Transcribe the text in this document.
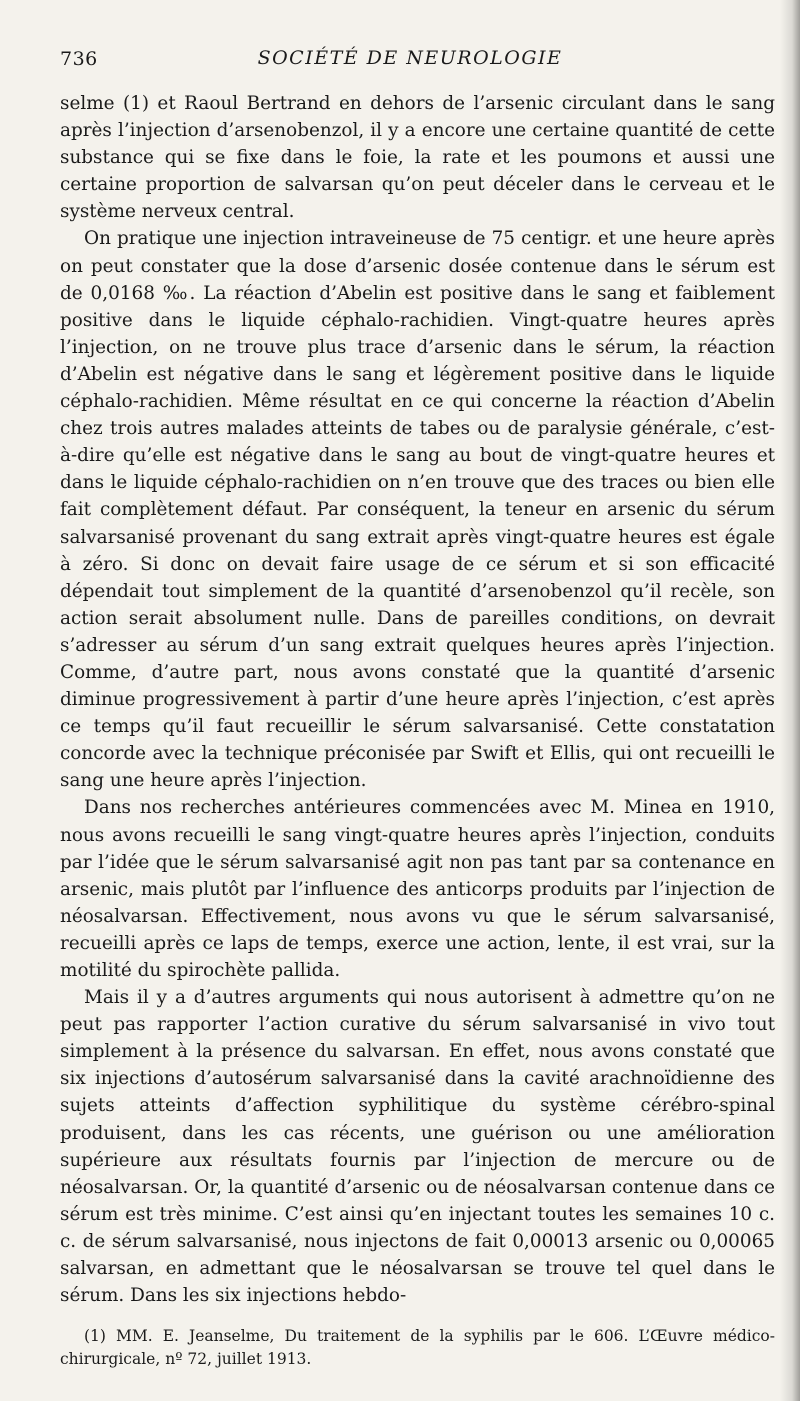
736	SOCIÉTÉ DE NEUROLOGIE

selme (1) et Raoul Bertrand en dehors de l’arsenic circulant dans le sang après l’injection d’arsenobenzol, il y a encore une certaine quantité de cette substance qui se fixe dans le foie, la rate et les poumons et aussi une certaine proportion de salvarsan qu’on peut déceler dans le cerveau et le système nerveux central.

On pratique une injection intraveineuse de 75 centigr. et une heure après on peut constater que la dose d’arsenic dosée contenue dans le sérum est de 0,0168 ‰. La réaction d’Abelin est positive dans le sang et faiblement positive dans le liquide céphalo-rachidien. Vingt-quatre heures après l’injection, on ne trouve plus trace d’arsenic dans le sérum, la réaction d’Abelin est négative dans le sang et légèrement positive dans le liquide céphalo-rachidien. Même résultat en ce qui concerne la réaction d’Abelin chez trois autres malades atteints de tabes ou de paralysie générale, c’est-à-dire qu’elle est négative dans le sang au bout de vingt-quatre heures et dans le liquide céphalo-rachidien on n’en trouve que des traces ou bien elle fait complètement défaut. Par conséquent, la teneur en arsenic du sérum salvarsanisé provenant du sang extrait après vingt-quatre heures est égale à zéro. Si donc on devait faire usage de ce sérum et si son efficacité dépendait tout simplement de la quantité d’arsenobenzol qu’il recèle, son action serait absolument nulle. Dans de pareilles conditions, on devrait s’adresser au sérum d’un sang extrait quelques heures après l’injection. Comme, d’autre part, nous avons constaté que la quantité d’arsenic diminue progressivement à partir d’une heure après l’injection, c’est après ce temps qu’il faut recueillir le sérum salvarsanisé. Cette constatation concorde avec la technique préconisée par Swift et Ellis, qui ont recueilli le sang une heure après l’injection.

Dans nos recherches antérieures commencées avec M. Minea en 1910, nous avons recueilli le sang vingt-quatre heures après l’injection, conduits par l’idée que le sérum salvarsanisé agit non pas tant par sa contenance en arsenic, mais plutôt par l’influence des anticorps produits par l’injection de néosalvarsan. Effectivement, nous avons vu que le sérum salvarsanisé, recueilli après ce laps de temps, exerce une action, lente, il est vrai, sur la motilité du spirochète pallida.

Mais il y a d’autres arguments qui nous autorisent à admettre qu’on ne peut pas rapporter l’action curative du sérum salvarsanisé in vivo tout simplement à la présence du salvarsan. En effet, nous avons constaté que six injections d’autosérum salvarsanisé dans la cavité arachnoïdienne des sujets atteints d’affection syphilitique du système cérébro-spinal produisent, dans les cas récents, une guérison ou une amélioration supérieure aux résultats fournis par l’injection de mercure ou de néosalvarsan. Or, la quantité d’arsenic ou de néosalvarsan contenue dans ce sérum est très minime. C’est ainsi qu’en injectant toutes les semaines 10 c. c. de sérum salvarsanisé, nous injectons de fait 0,00013 arsenic ou 0,00065 salvarsan, en admettant que le néosalvarsan se trouve tel quel dans le sérum. Dans les six injections hebdo-

(1) MM. E. Jeanselme, Du traitement de la syphilis par le 606. L’Œuvre médico-chirurgicale, nº 72, juillet 1913.
